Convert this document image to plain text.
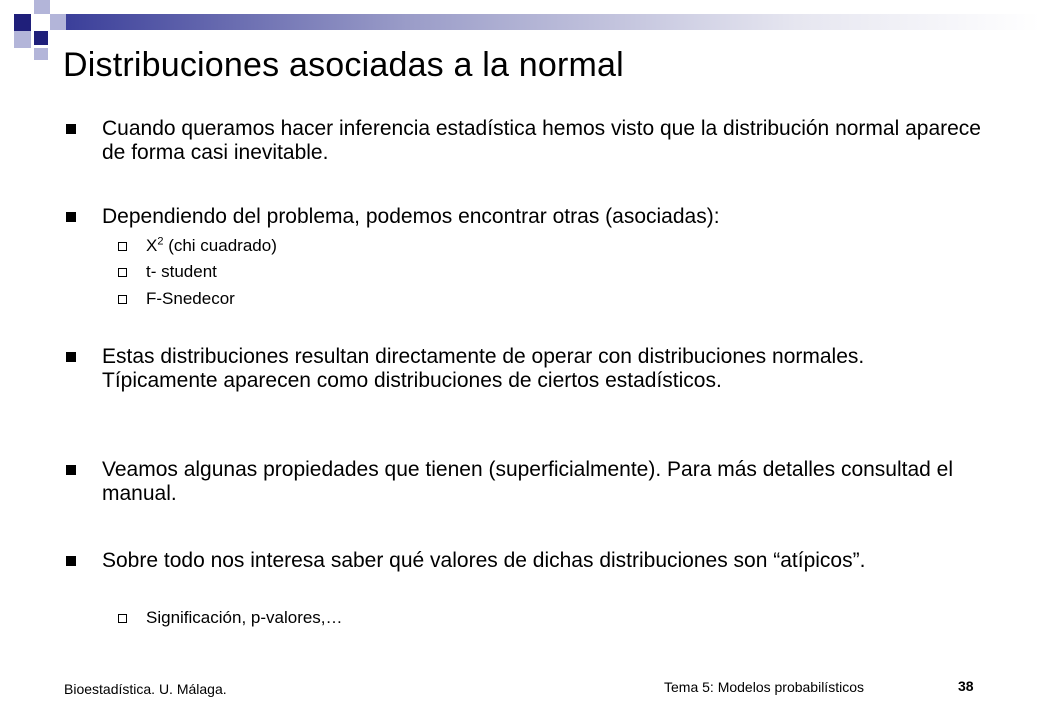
Distribuciones asociadas a la normal

Cuando queramos hacer inferencia estadística hemos visto que la distribución normal aparece de forma casi inevitable.

Dependiendo del problema, podemos encontrar otras (asociadas):

$X^2$ (chi cuadrado)

t- student

F-Snedecor

Estas distribuciones resultan directamente de operar con distribuciones normales. Típicamente aparecen como distribuciones de ciertos estadísticos.

Veamos algunas propiedades que tienen (superficialmente). Para más detalles consultad el manual.

Sobre todo nos interesa saber qué valores de dichas distribuciones son “atípicos”.

Significación, p-valores,…

Bioestadística. U. Málaga.	Tema 5: Modelos probabilísticos	38
